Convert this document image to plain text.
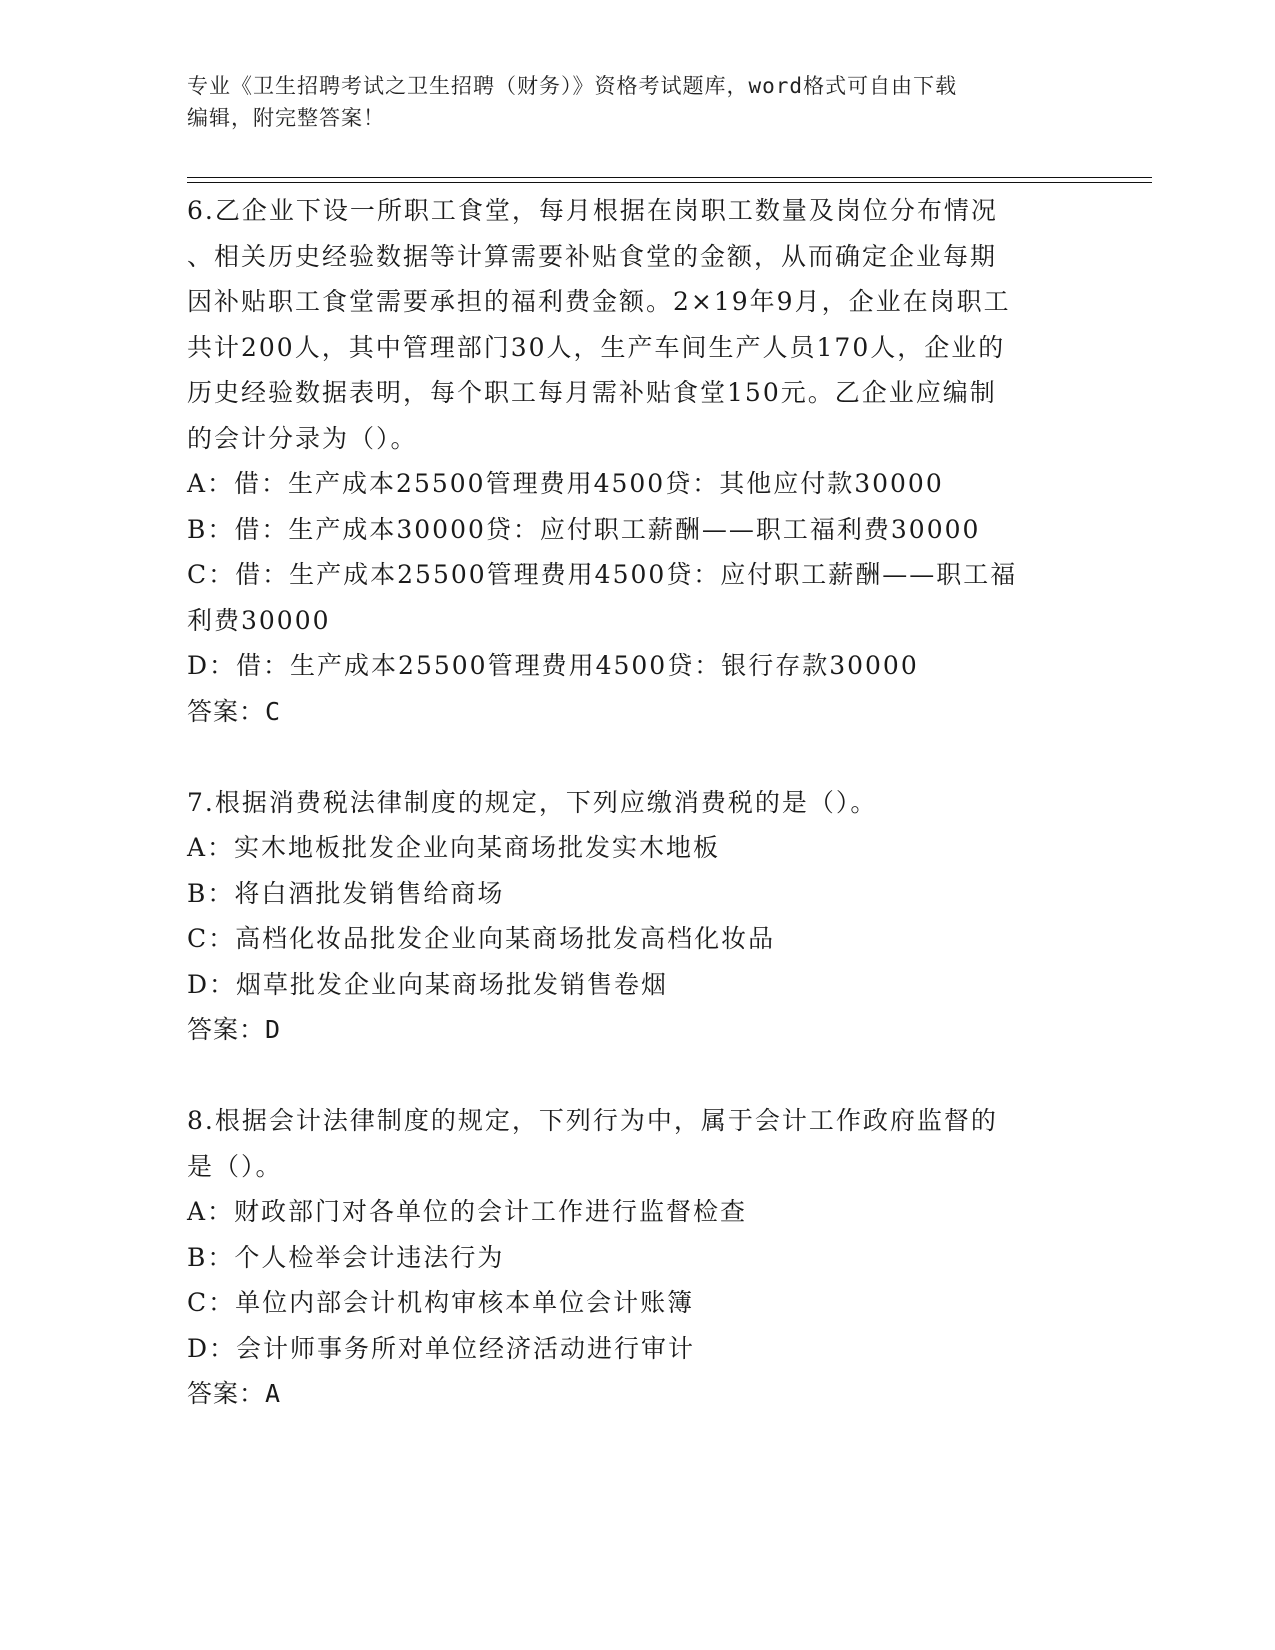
专业《卫生招聘考试之卫生招聘（财务）》资格考试题库，word格式可自由下载

编辑，附完整答案！

6.乙企业下设一所职工食堂，每月根据在岗职工数量及岗位分布情况

、相关历史经验数据等计算需要补贴食堂的金额，从而确定企业每期

因补贴职工食堂需要承担的福利费金额。2×19年9月，企业在岗职工

共计200人，其中管理部门30人，生产车间生产人员170人，企业的

历史经验数据表明，每个职工每月需补贴食堂150元。乙企业应编制

的会计分录为（）。

A：借：生产成本25500管理费用4500贷：其他应付款30000

B：借：生产成本30000贷：应付职工薪酬——职工福利费30000

C：借：生产成本25500管理费用4500贷：应付职工薪酬——职工福

利费30000

D：借：生产成本25500管理费用4500贷：银行存款30000

答案：C

7.根据消费税法律制度的规定，下列应缴消费税的是（）。

A：实木地板批发企业向某商场批发实木地板

B：将白酒批发销售给商场

C：高档化妆品批发企业向某商场批发高档化妆品

D：烟草批发企业向某商场批发销售卷烟

答案：D

8.根据会计法律制度的规定，下列行为中，属于会计工作政府监督的

是（）。

A：财政部门对各单位的会计工作进行监督检查

B：个人检举会计违法行为

C：单位内部会计机构审核本单位会计账簿

D：会计师事务所对单位经济活动进行审计

答案：A
